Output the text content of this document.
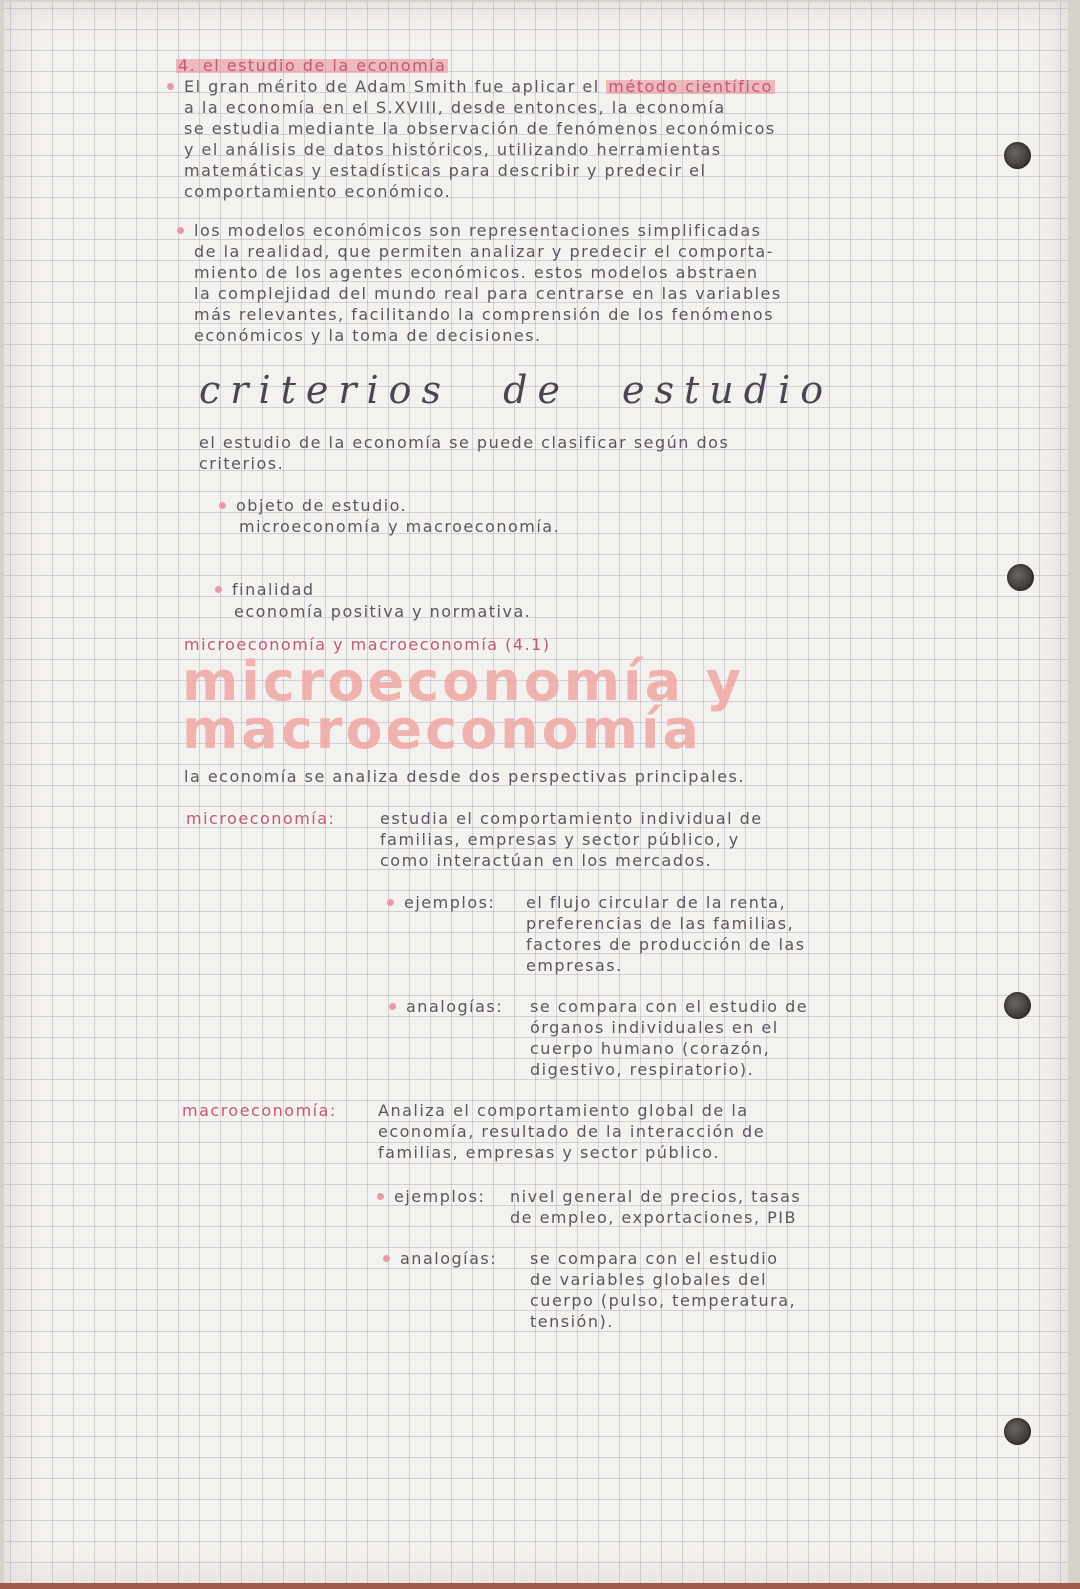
4. el estudio de la economía

El gran mérito de Adam Smith fue aplicar el método científico
a la economía en el S.XVIII, desde entonces, la economía
se estudia mediante la observación de fenómenos económicos
y el análisis de datos históricos, utilizando herramientas
matemáticas y estadísticas para describir y predecir el
comportamiento económico.

los modelos económicos son representaciones simplificadas
de la realidad, que permiten analizar y predecir el comporta-
miento de los agentes económicos. estos modelos abstraen
la complejidad del mundo real para centrarse en las variables
más relevantes, facilitando la comprensión de los fenómenos
económicos y la toma de decisiones.

criterios de estudio

el estudio de la economía se puede clasificar según dos
criterios.

objeto de estudio.

microeconomía y macroeconomía.

finalidad

economía positiva y normativa.

microeconomía y macroeconomía (4.1)

microeconomía y

macroeconomía

la economía se analiza desde dos perspectivas principales.

microeconomía:	estudia el comportamiento individual de
familias, empresas y sector público, y
como interactúan en los mercados.

ejemplos: el flujo circular de la renta,
preferencias de las familias,
factores de producción de las
empresas.

analogías: se compara con el estudio de
órganos individuales en el
cuerpo humano (corazón,
digestivo, respiratorio).

macroeconomía:	Analiza el comportamiento global de la
economía, resultado de la interacción de
familias, empresas y sector público.

ejemplos: nivel general de precios, tasas
de empleo, exportaciones, PIB

analogías: se compara con el estudio
de variables globales del
cuerpo (pulso, temperatura,
tensión).
